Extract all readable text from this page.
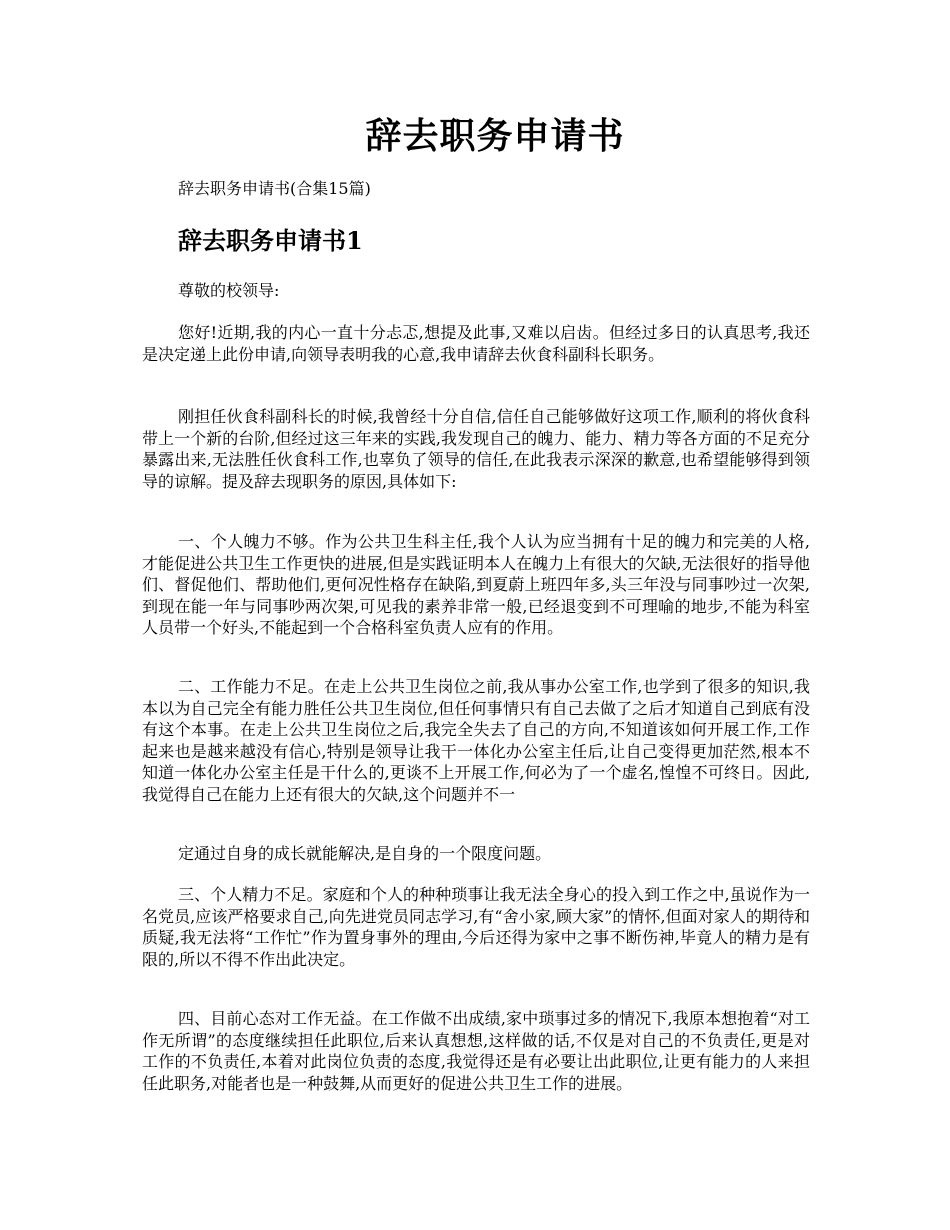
辞去职务申请书

辞去职务申请书(合集15篇)

辞去职务申请书1

尊敬的校领导:

您好!近期,我的内心一直十分忐忑,想提及此事,又难以启齿。但经过多日的认真思考,我还是决定递上此份申请,向领导表明我的心意,我申请辞去伙食科副科长职务。

刚担任伙食科副科长的时候,我曾经十分自信,信任自己能够做好这项工作,顺利的将伙食科带上一个新的台阶,但经过这三年来的实践,我发现自己的魄力、能力、精力等各方面的不足充分暴露出来,无法胜任伙食科工作,也辜负了领导的信任,在此我表示深深的歉意,也希望能够得到领导的谅解。提及辞去现职务的原因,具体如下:

一、个人魄力不够。作为公共卫生科主任,我个人认为应当拥有十足的魄力和完美的人格,才能促进公共卫生工作更快的进展,但是实践证明本人在魄力上有很大的欠缺,无法很好的指导他们、督促他们、帮助他们,更何况性格存在缺陷,到夏蔚上班四年多,头三年没与同事吵过一次架,到现在能一年与同事吵两次架,可见我的素养非常一般,已经退变到不可理喻的地步,不能为科室人员带一个好头,不能起到一个合格科室负责人应有的作用。

二、工作能力不足。在走上公共卫生岗位之前,我从事办公室工作,也学到了很多的知识,我本以为自己完全有能力胜任公共卫生岗位,但任何事情只有自己去做了之后才知道自己到底有没有这个本事。在走上公共卫生岗位之后,我完全失去了自己的方向,不知道该如何开展工作,工作起来也是越来越没有信心,特别是领导让我干一体化办公室主任后,让自己变得更加茫然,根本不知道一体化办公室主任是干什么的,更谈不上开展工作,何必为了一个虚名,惶惶不可终日。因此,我觉得自己在能力上还有很大的欠缺,这个问题并不一

定通过自身的成长就能解决,是自身的一个限度问题。

三、个人精力不足。家庭和个人的种种琐事让我无法全身心的投入到工作之中,虽说作为一名党员,应该严格要求自己,向先进党员同志学习,有“舍小家,顾大家”的情怀,但面对家人的期待和质疑,我无法将“工作忙”作为置身事外的理由,今后还得为家中之事不断伤神,毕竟人的精力是有限的,所以不得不作出此决定。

四、目前心态对工作无益。在工作做不出成绩,家中琐事过多的情况下,我原本想抱着“对工作无所谓”的态度继续担任此职位,后来认真想想,这样做的话,不仅是对自己的不负责任,更是对工作的不负责任,本着对此岗位负责的态度,我觉得还是有必要让出此职位,让更有能力的人来担任此职务,对能者也是一种鼓舞,从而更好的促进公共卫生工作的进展。
